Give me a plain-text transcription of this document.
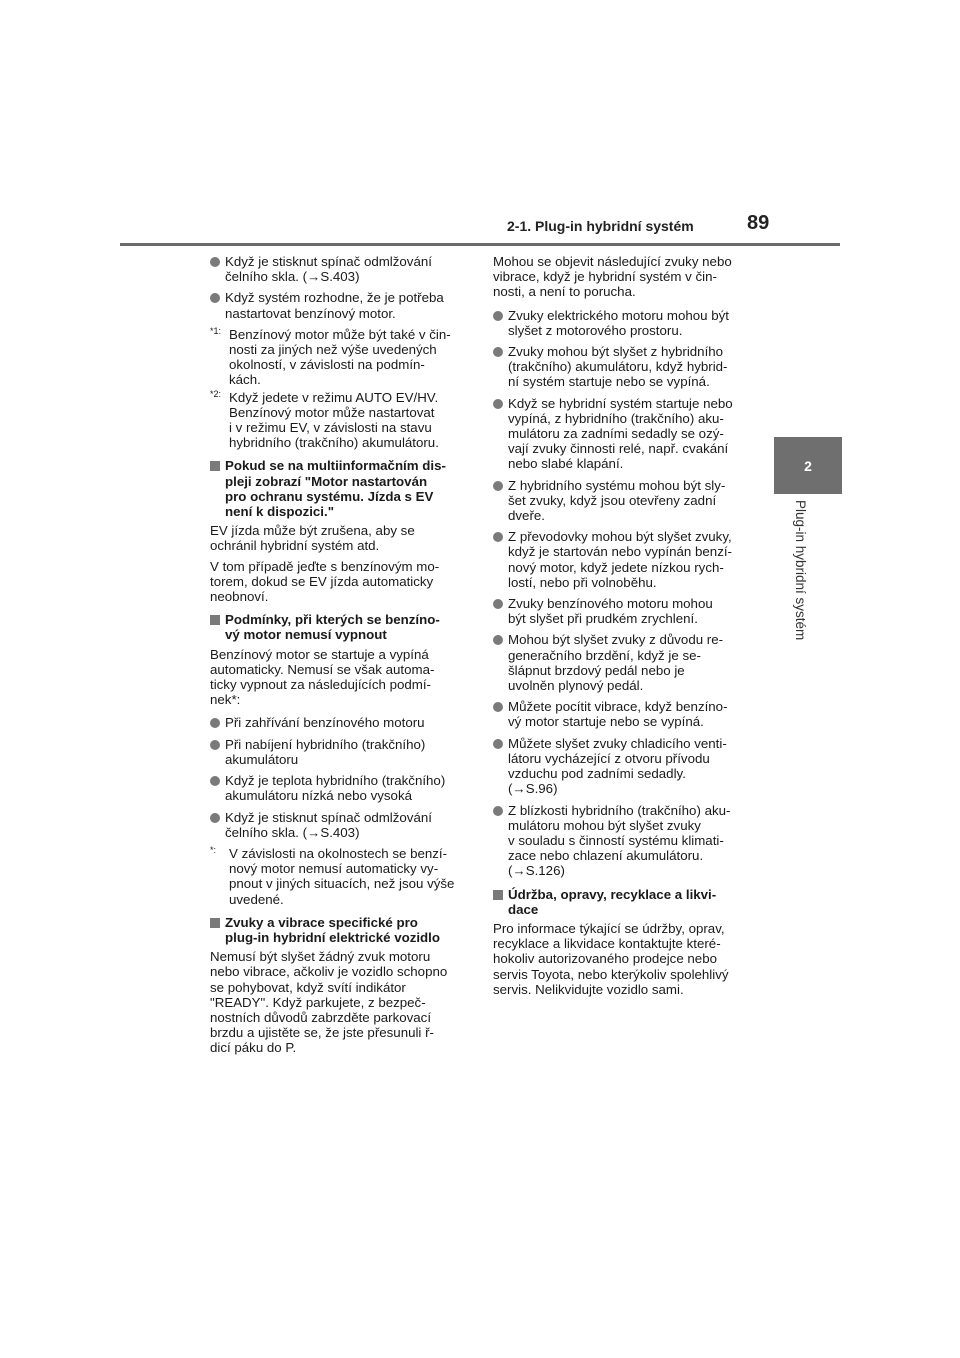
2-1. Plug-in hybridní systém	89
2
Plug-in hybridní systém
Když je stisknut spínač odmlžování
čelního skla. (→S.403)
Když systém rozhodne, že je potřeba
nastartovat benzínový motor.
*1: Benzínový motor může být také v čin-
nosti za jiných než výše uvedených
okolností, v závislosti na podmín-
kách.
*2: Když jedete v režimu AUTO EV/HV.
Benzínový motor může nastartovat
i v režimu EV, v závislosti na stavu
hybridního (trakčního) akumulátoru.
Pokud se na multiinformačním dis-
pleji zobrazí "Motor nastartován
pro ochranu systému. Jízda s EV
není k dispozici."
EV jízda může být zrušena, aby se
ochránil hybridní systém atd.
V tom případě jeďte s benzínovým mo-
torem, dokud se EV jízda automaticky
neobnoví.
Podmínky, při kterých se benzíno-
vý motor nemusí vypnout
Benzínový motor se startuje a vypíná
automaticky. Nemusí se však automa-
ticky vypnout za následujících podmí-
nek*:
Při zahřívání benzínového motoru
Při nabíjení hybridního (trakčního)
akumulátoru
Když je teplota hybridního (trakčního)
akumulátoru nízká nebo vysoká
Když je stisknut spínač odmlžování
čelního skla. (→S.403)
*: V závislosti na okolnostech se benzí-
nový motor nemusí automaticky vy-
pnout v jiných situacích, než jsou výše
uvedené.
Zvuky a vibrace specifické pro
plug-in hybridní elektrické vozidlo
Nemusí být slyšet žádný zvuk motoru
nebo vibrace, ačkoliv je vozidlo schopno
se pohybovat, když svítí indikátor
"READY". Když parkujete, z bezpeč-
nostních důvodů zabrzděte parkovací
brzdu a ujistěte se, že jste přesunuli ř-
dicí páku do P.
Mohou se objevit následující zvuky nebo
vibrace, když je hybridní systém v čin-
nosti, a není to porucha.
Zvuky elektrického motoru mohou být
slyšet z motorového prostoru.
Zvuky mohou být slyšet z hybridního
(trakčního) akumulátoru, když hybrid-
ní systém startuje nebo se vypíná.
Když se hybridní systém startuje nebo
vypíná, z hybridního (trakčního) aku-
mulátoru za zadními sedadly se ozý-
vají zvuky činnosti relé, např. cvakání
nebo slabé klapání.
Z hybridního systému mohou být sly-
šet zvuky, když jsou otevřeny zadní
dveře.
Z převodovky mohou být slyšet zvuky,
když je startován nebo vypínán benzí-
nový motor, když jedete nízkou rych-
lostí, nebo při volnoběhu.
Zvuky benzínového motoru mohou
být slyšet při prudkém zrychlení.
Mohou být slyšet zvuky z důvodu re-
generačního brzdění, když je se-
šlápnut brzdový pedál nebo je
uvolněn plynový pedál.
Můžete pocítit vibrace, když benzíno-
vý motor startuje nebo se vypíná.
Můžete slyšet zvuky chladicího venti-
látoru vycházející z otvoru přívodu
vzduchu pod zadními sedadly.
(→S.96)
Z blízkosti hybridního (trakčního) aku-
mulátoru mohou být slyšet zvuky
v souladu s činností systému klimati-
zace nebo chlazení akumulátoru.
(→S.126)
Údržba, opravy, recyklace a likvi-
dace
Pro informace týkající se údržby, oprav,
recyklace a likvidace kontaktujte které-
hokoliv autorizovaného prodejce nebo
servis Toyota, nebo kterýkoliv spolehlivý
servis. Nelikvidujte vozidlo sami.
